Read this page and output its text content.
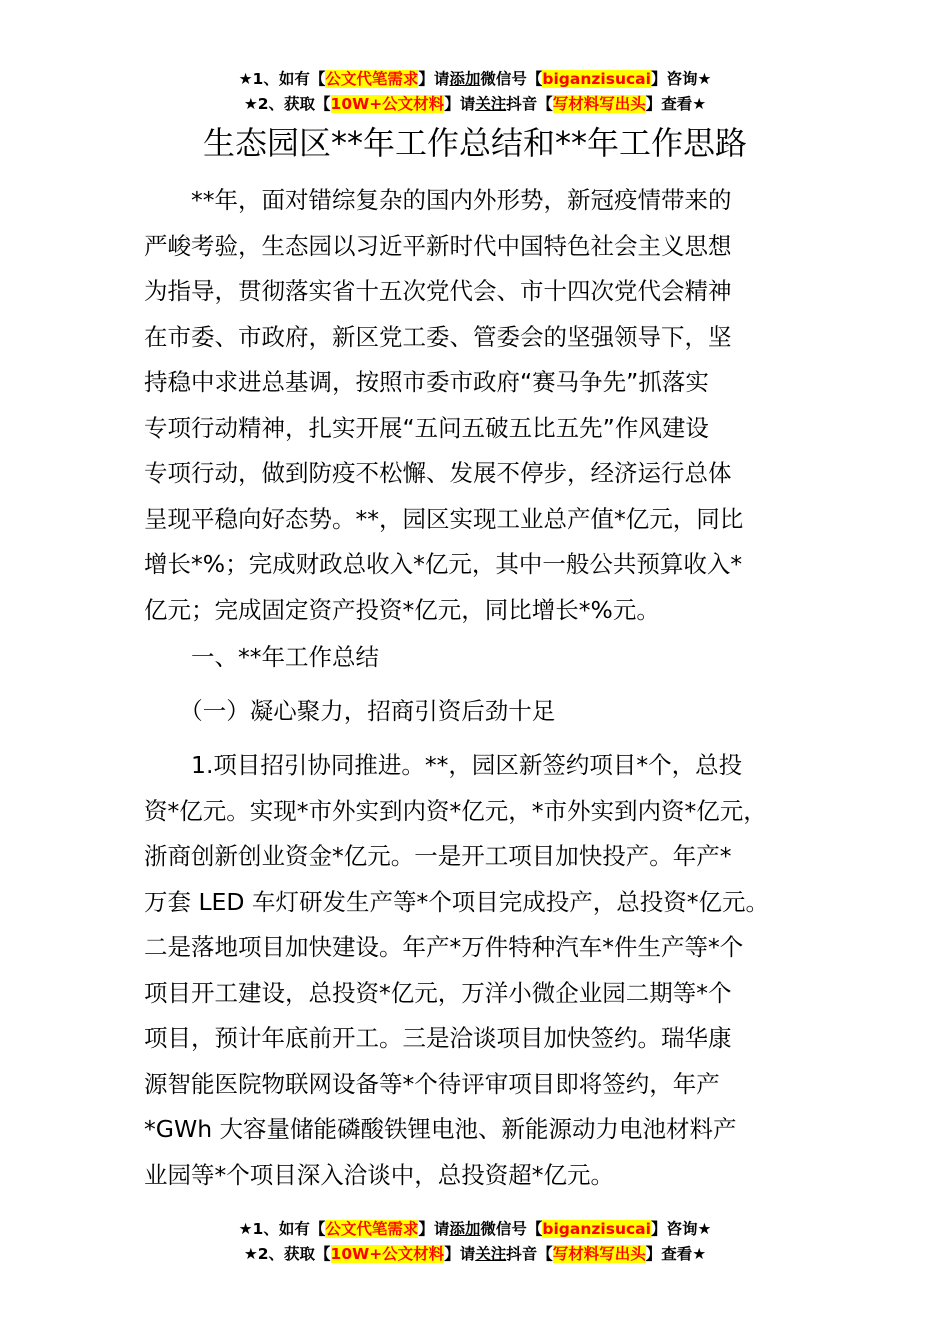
★1、如有【公文代笔需求】请添加微信号【biganzisucai】咨询★
★2、获取【10W+公文材料】请关注抖音【写材料写出头】查看★
生态园区**年工作总结和**年工作思路
　　**年，面对错综复杂的国内外形势，新冠疫情带来的
严峻考验，生态园以习近平新时代中国特色社会主义思想
为指导，贯彻落实省十五次党代会、市十四次党代会精神
在市委、市政府，新区党工委、管委会的坚强领导下，坚
持稳中求进总基调，按照市委市政府“赛马争先”抓落实
专项行动精神，扎实开展“五问五破五比五先”作风建设
专项行动，做到防疫不松懈、发展不停步，经济运行总体
呈现平稳向好态势。**，园区实现工业总产值*亿元，同比
增长*%；完成财政总收入*亿元，其中一般公共预算收入*
亿元；完成固定资产投资*亿元，同比增长*%元。
　　一、**年工作总结
　　（一）凝心聚力，招商引资后劲十足
　　1.项目招引协同推进。**，园区新签约项目*个，总投
资*亿元。实现*市外实到内资*亿元，*市外实到内资*亿元，
浙商创新创业资金*亿元。一是开工项目加快投产。年产*
万套 LED 车灯研发生产等*个项目完成投产，总投资*亿元。
二是落地项目加快建设。年产*万件特种汽车*件生产等*个
项目开工建设，总投资*亿元，万洋小微企业园二期等*个
项目，预计年底前开工。三是洽谈项目加快签约。瑞华康
源智能医院物联网设备等*个待评审项目即将签约，年产
*GWh 大容量储能磷酸铁锂电池、新能源动力电池材料产
业园等*个项目深入洽谈中，总投资超*亿元。
★1、如有【公文代笔需求】请添加微信号【biganzisucai】咨询★
★2、获取【10W+公文材料】请关注抖音【写材料写出头】查看★
